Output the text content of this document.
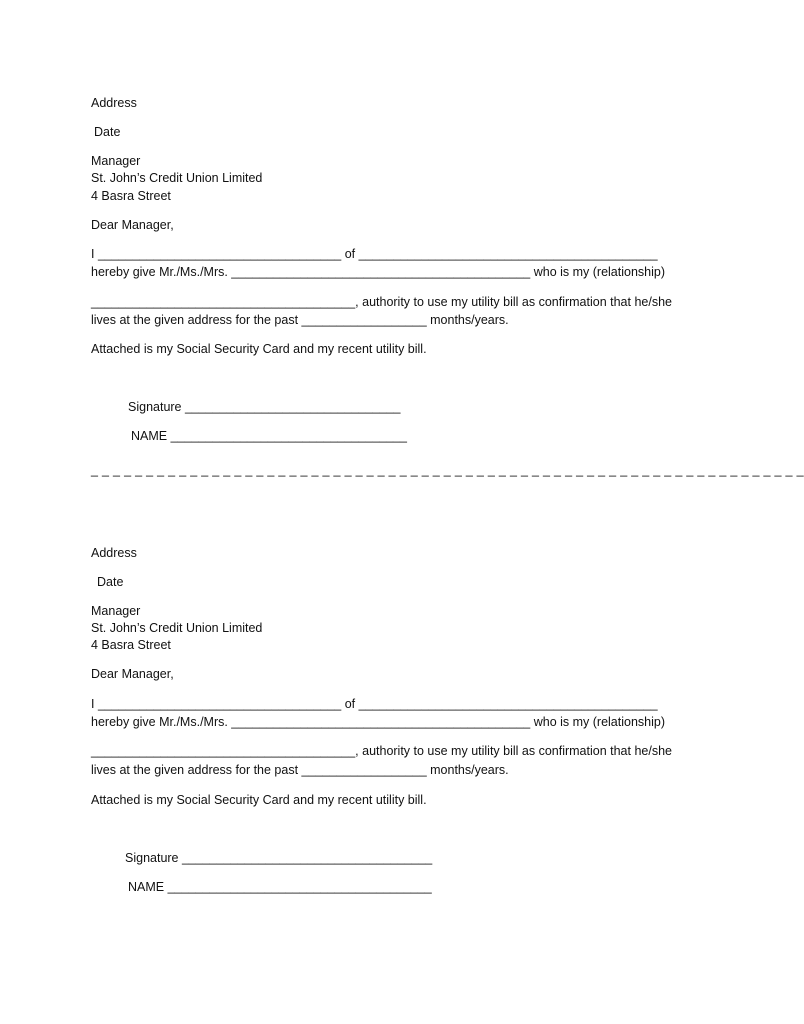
Address
Date
Manager
St. John’s Credit Union Limited
4 Basra Street
Dear Manager,
I ___________________________________ of ___________________________________________
hereby give Mr./Ms./Mrs. ___________________________________________ who is my (relationship)
______________________________________, authority to use my utility bill as confirmation that he/she
lives at the given address for the past __________________ months/years.
Attached is my Social Security Card and my recent utility bill.
Signature _______________________________
NAME __________________________________
_ _ _ _ _ _ _ _ _ _ _ _ _ _ _ _ _ _ _ _ _ _ _ _ _ _ _ _ _ _ _ _ _ _ _ _ _ _ _ _ _ _ _ _ _ _ _ _ _ _ _ _ _ _ _ _ _ _ _ _ _ _ _ _ _
Address
Date
Manager
St. John’s Credit Union Limited
4 Basra Street
Dear Manager,
I ___________________________________ of ___________________________________________
hereby give Mr./Ms./Mrs. ___________________________________________ who is my (relationship)
______________________________________, authority to use my utility bill as confirmation that he/she
lives at the given address for the past __________________ months/years.
Attached is my Social Security Card and my recent utility bill.
Signature ____________________________________
NAME ______________________________________
